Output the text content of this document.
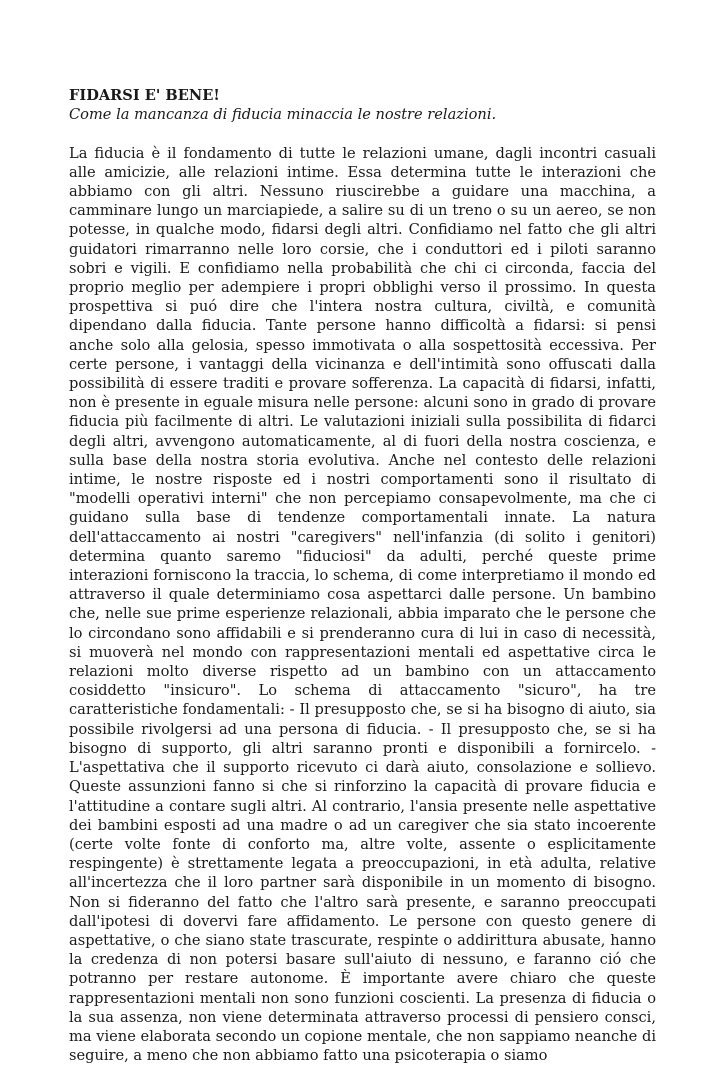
FIDARSI E' BENE!

Come la mancanza di fiducia minaccia le nostre relazioni.

La fiducia è il fondamento di tutte le relazioni umane, dagli incontri casuali alle amicizie, alle relazioni intime. Essa determina tutte le interazioni che abbiamo con gli altri. Nessuno riuscirebbe a guidare una macchina, a camminare lungo un marciapiede, a salire su di un treno o su un aereo, se non potesse, in qualche modo, fidarsi degli altri. Confidiamo nel fatto che gli altri guidatori rimarranno nelle loro corsie, che i conduttori ed i piloti saranno sobri e vigili. E confidiamo nella probabilità che chi ci circonda, faccia del proprio meglio per adempiere i propri obblighi verso il prossimo. In questa prospettiva si puó dire che l'intera nostra cultura, civiltà, e comunità dipendano dalla fiducia. Tante persone hanno difficoltà a fidarsi: si pensi anche solo alla gelosia, spesso immotivata o alla sospettosità eccessiva. Per certe persone, i vantaggi della vicinanza e dell'intimità sono offuscati dalla possibilità di essere traditi e provare sofferenza. La capacità di fidarsi, infatti, non è presente in eguale misura nelle persone: alcuni sono in grado di provare fiducia più facilmente di altri. Le valutazioni iniziali sulla possibilita di fidarci degli altri, avvengono automaticamente, al di fuori della nostra coscienza, e sulla base della nostra storia evolutiva. Anche nel contesto delle relazioni intime, le nostre risposte ed i nostri comportamenti sono il risultato di "modelli operativi interni" che non percepiamo consapevolmente, ma che ci guidano sulla base di tendenze comportamentali innate. La natura dell'attaccamento ai nostri "caregivers" nell'infanzia (di solito i genitori) determina quanto saremo "fiduciosi" da adulti, perché queste prime interazioni forniscono la traccia, lo schema, di come interpretiamo il mondo ed attraverso il quale determiniamo cosa aspettarci dalle persone. Un bambino che, nelle sue prime esperienze relazionali, abbia imparato che le persone che lo circondano sono affidabili e si prenderanno cura di lui in caso di necessità, si muoverà nel mondo con rappresentazioni mentali ed aspettative circa le relazioni molto diverse rispetto ad un bambino con un attaccamento cosiddetto "insicuro". Lo schema di attaccamento "sicuro", ha tre caratteristiche fondamentali: - Il presupposto che, se si ha bisogno di aiuto, sia possibile rivolgersi ad una persona di fiducia. - Il presupposto che, se si ha bisogno di supporto, gli altri saranno pronti e disponibili a fornircelo. - L'aspettativa che il supporto ricevuto ci darà aiuto, consolazione e sollievo. Queste assunzioni fanno si che si rinforzino la capacità di provare fiducia e l'attitudine a contare sugli altri. Al contrario, l'ansia presente nelle aspettative dei bambini esposti ad una madre o ad un caregiver che sia stato incoerente (certe volte fonte di conforto ma, altre volte, assente o esplicitamente respingente) è strettamente legata a preoccupazioni, in età adulta, relative all'incertezza che il loro partner sarà disponibile in un momento di bisogno. Non si fideranno del fatto che l'altro sarà presente, e saranno preoccupati dall'ipotesi di dovervi fare affidamento. Le persone con questo genere di aspettative, o che siano state trascurate, respinte o addirittura abusate, hanno la credenza di non potersi basare sull'aiuto di nessuno, e faranno ció che potranno per restare autonome. È importante avere chiaro che queste rappresentazioni mentali non sono funzioni coscienti. La presenza di fiducia o la sua assenza, non viene determinata attraverso processi di pensiero consci, ma viene elaborata secondo un copione mentale, che non sappiamo neanche di seguire, a meno che non abbiamo fatto una psicoterapia o siamo
